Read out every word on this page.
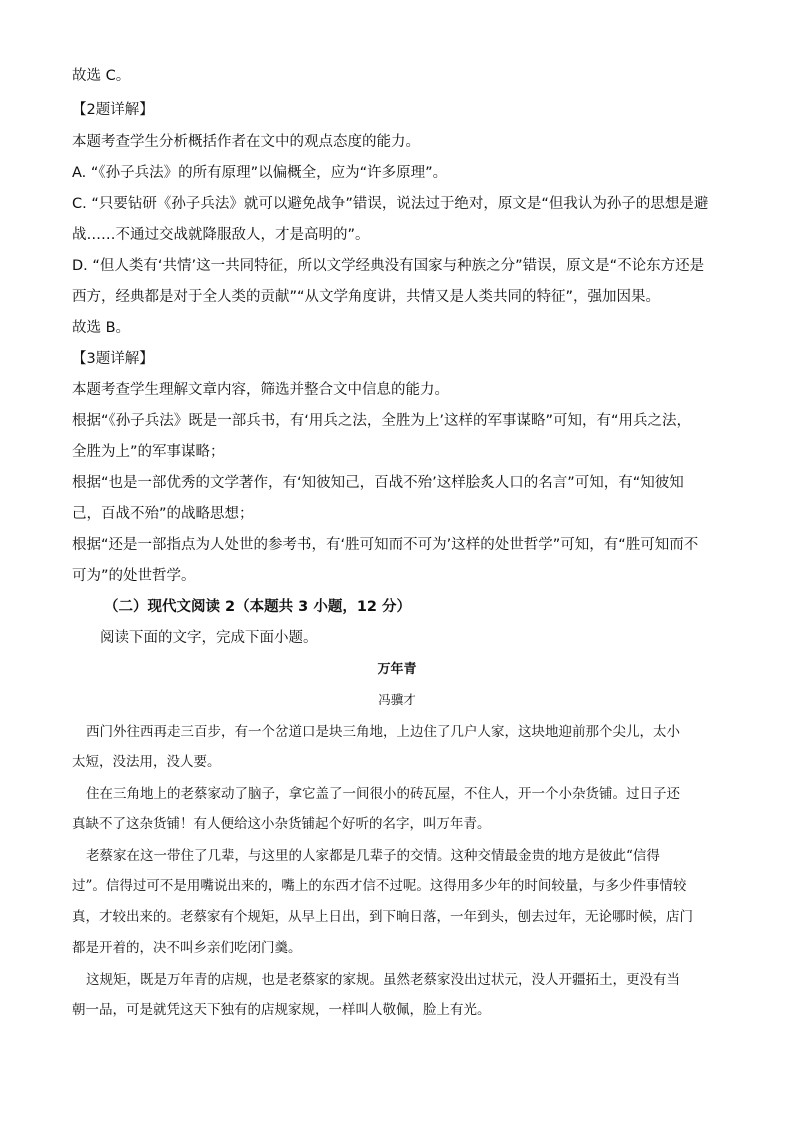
故选 C。
【2题详解】
本题考查学生分析概括作者在文中的观点态度的能力。
A. “《孙子兵法》的所有原理”以偏概全，应为“许多原理”。
C. “只要钻研《孙子兵法》就可以避免战争”错误，说法过于绝对，原文是“但我认为孙子的思想是避
战……不通过交战就降服敌人，才是高明的”。
D. “但人类有‘共情’这一共同特征，所以文学经典没有国家与种族之分”错误，原文是“不论东方还是
西方，经典都是对于全人类的贡献”“从文学角度讲，共情又是人类共同的特征”，强加因果。
故选 B。
【3题详解】
本题考查学生理解文章内容，筛选并整合文中信息的能力。
根据“《孙子兵法》既是一部兵书，有‘用兵之法，全胜为上’这样的军事谋略”可知，有“用兵之法，
全胜为上”的军事谋略；
根据“也是一部优秀的文学著作，有‘知彼知己，百战不殆’这样脍炙人口的名言”可知，有“知彼知
己，百战不殆”的战略思想；
根据“还是一部指点为人处世的参考书，有‘胜可知而不可为’这样的处世哲学”可知，有“胜可知而不
可为”的处世哲学。
（二）现代文阅读 2（本题共 3 小题，12 分）
阅读下面的文字，完成下面小题。
万年青
冯骥才
西门外往西再走三百步，有一个岔道口是块三角地，上边住了几户人家，这块地迎前那个尖儿，太小
太短，没法用，没人要。
住在三角地上的老蔡家动了脑子，拿它盖了一间很小的砖瓦屋，不住人，开一个小杂货铺。过日子还
真缺不了这杂货铺！有人便给这小杂货铺起个好听的名字，叫万年青。
老蔡家在这一带住了几辈，与这里的人家都是几辈子的交情。这种交情最金贵的地方是彼此“信得
过”。信得过可不是用嘴说出来的，嘴上的东西才信不过呢。这得用多少年的时间较量，与多少件事情较
真，才较出来的。老蔡家有个规矩，从早上日出，到下晌日落，一年到头，刨去过年，无论哪时候，店门
都是开着的，决不叫乡亲们吃闭门羹。
这规矩，既是万年青的店规，也是老蔡家的家规。虽然老蔡家没出过状元，没人开疆拓土，更没有当
朝一品，可是就凭这天下独有的店规家规，一样叫人敬佩，脸上有光。
